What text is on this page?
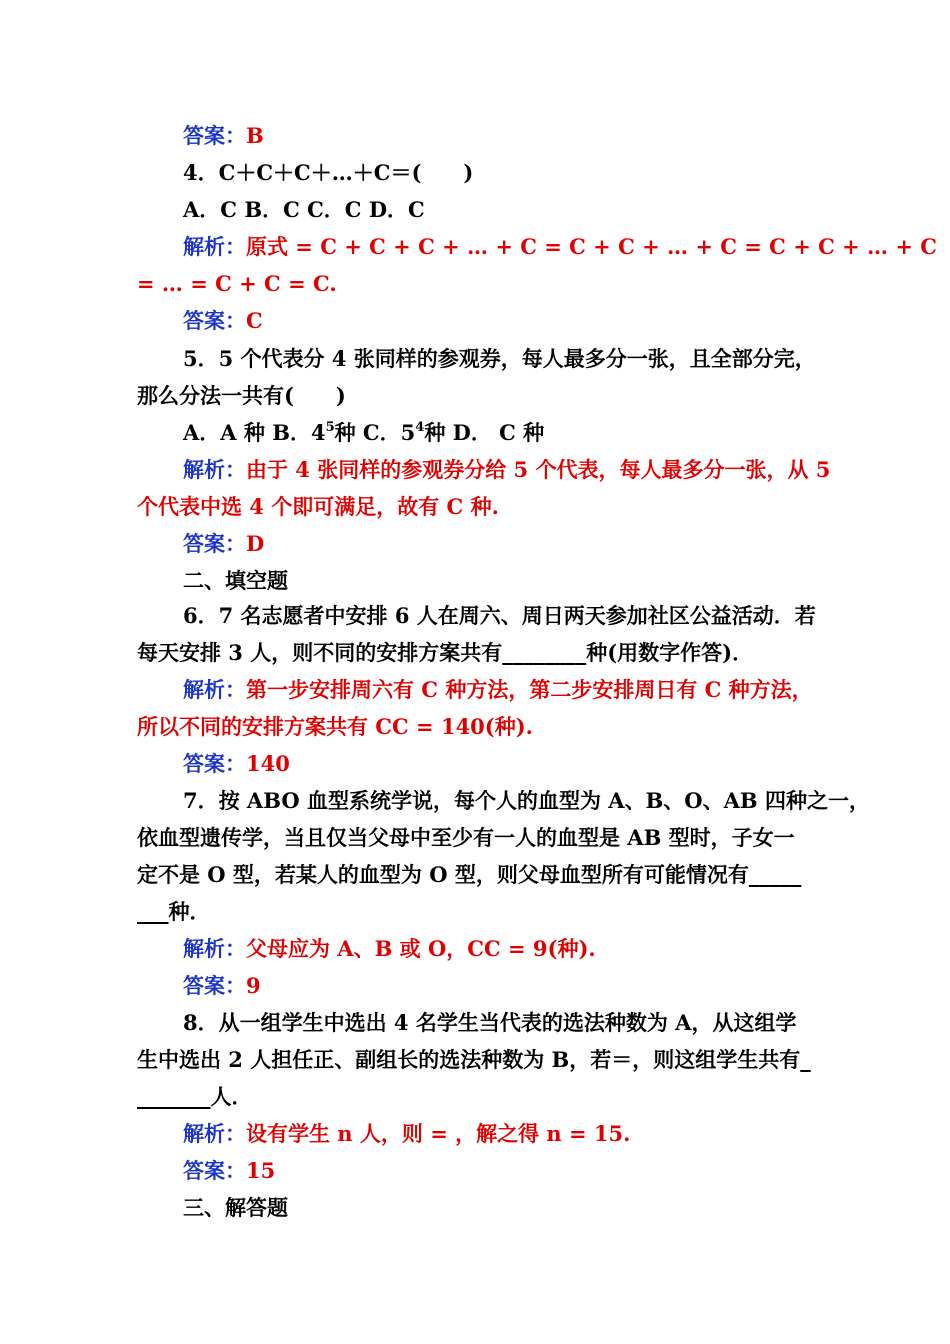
答案：B
4．C＋C＋C＋…＋C＝(　　)
A．C B．C C．C D．C
解析：原式 = C + C + C + … + C = C + C + … + C = C + C + … + C
= … = C + C = C.
答案：C
5．5 个代表分 4 张同样的参观券，每人最多分一张，且全部分完，
那么分法一共有(　　)
A．A 种 B．$4^5$种 C．$5^4$种 D． C 种
解析：由于 4 张同样的参观券分给 5 个代表，每人最多分一张，从 5
个代表中选 4 个即可满足，故有 C 种.
答案：D
二、填空题
6．7 名志愿者中安排 6 人在周六、周日两天参加社区公益活动．若
每天安排 3 人，则不同的安排方案共有________种(用数字作答)．
解析：第一步安排周六有 C 种方法，第二步安排周日有 C 种方法，
所以不同的安排方案共有 CC = 140(种).
答案：140
7．按 ABO 血型系统学说，每个人的血型为 A、B、O、AB 四种之一，
依血型遗传学，当且仅当父母中至少有一人的血型是 AB 型时，子女一
定不是 O 型，若某人的血型为 O 型，则父母血型所有可能情况有_____
___种．
解析：父母应为 A、B 或 O，CC = 9(种).
答案：9
8．从一组学生中选出 4 名学生当代表的选法种数为 A，从这组学
生中选出 2 人担任正、副组长的选法种数为 B，若＝，则这组学生共有_
_______人．
解析：设有学生 n 人，则 = ，解之得 n = 15.
答案：15
三、解答题
